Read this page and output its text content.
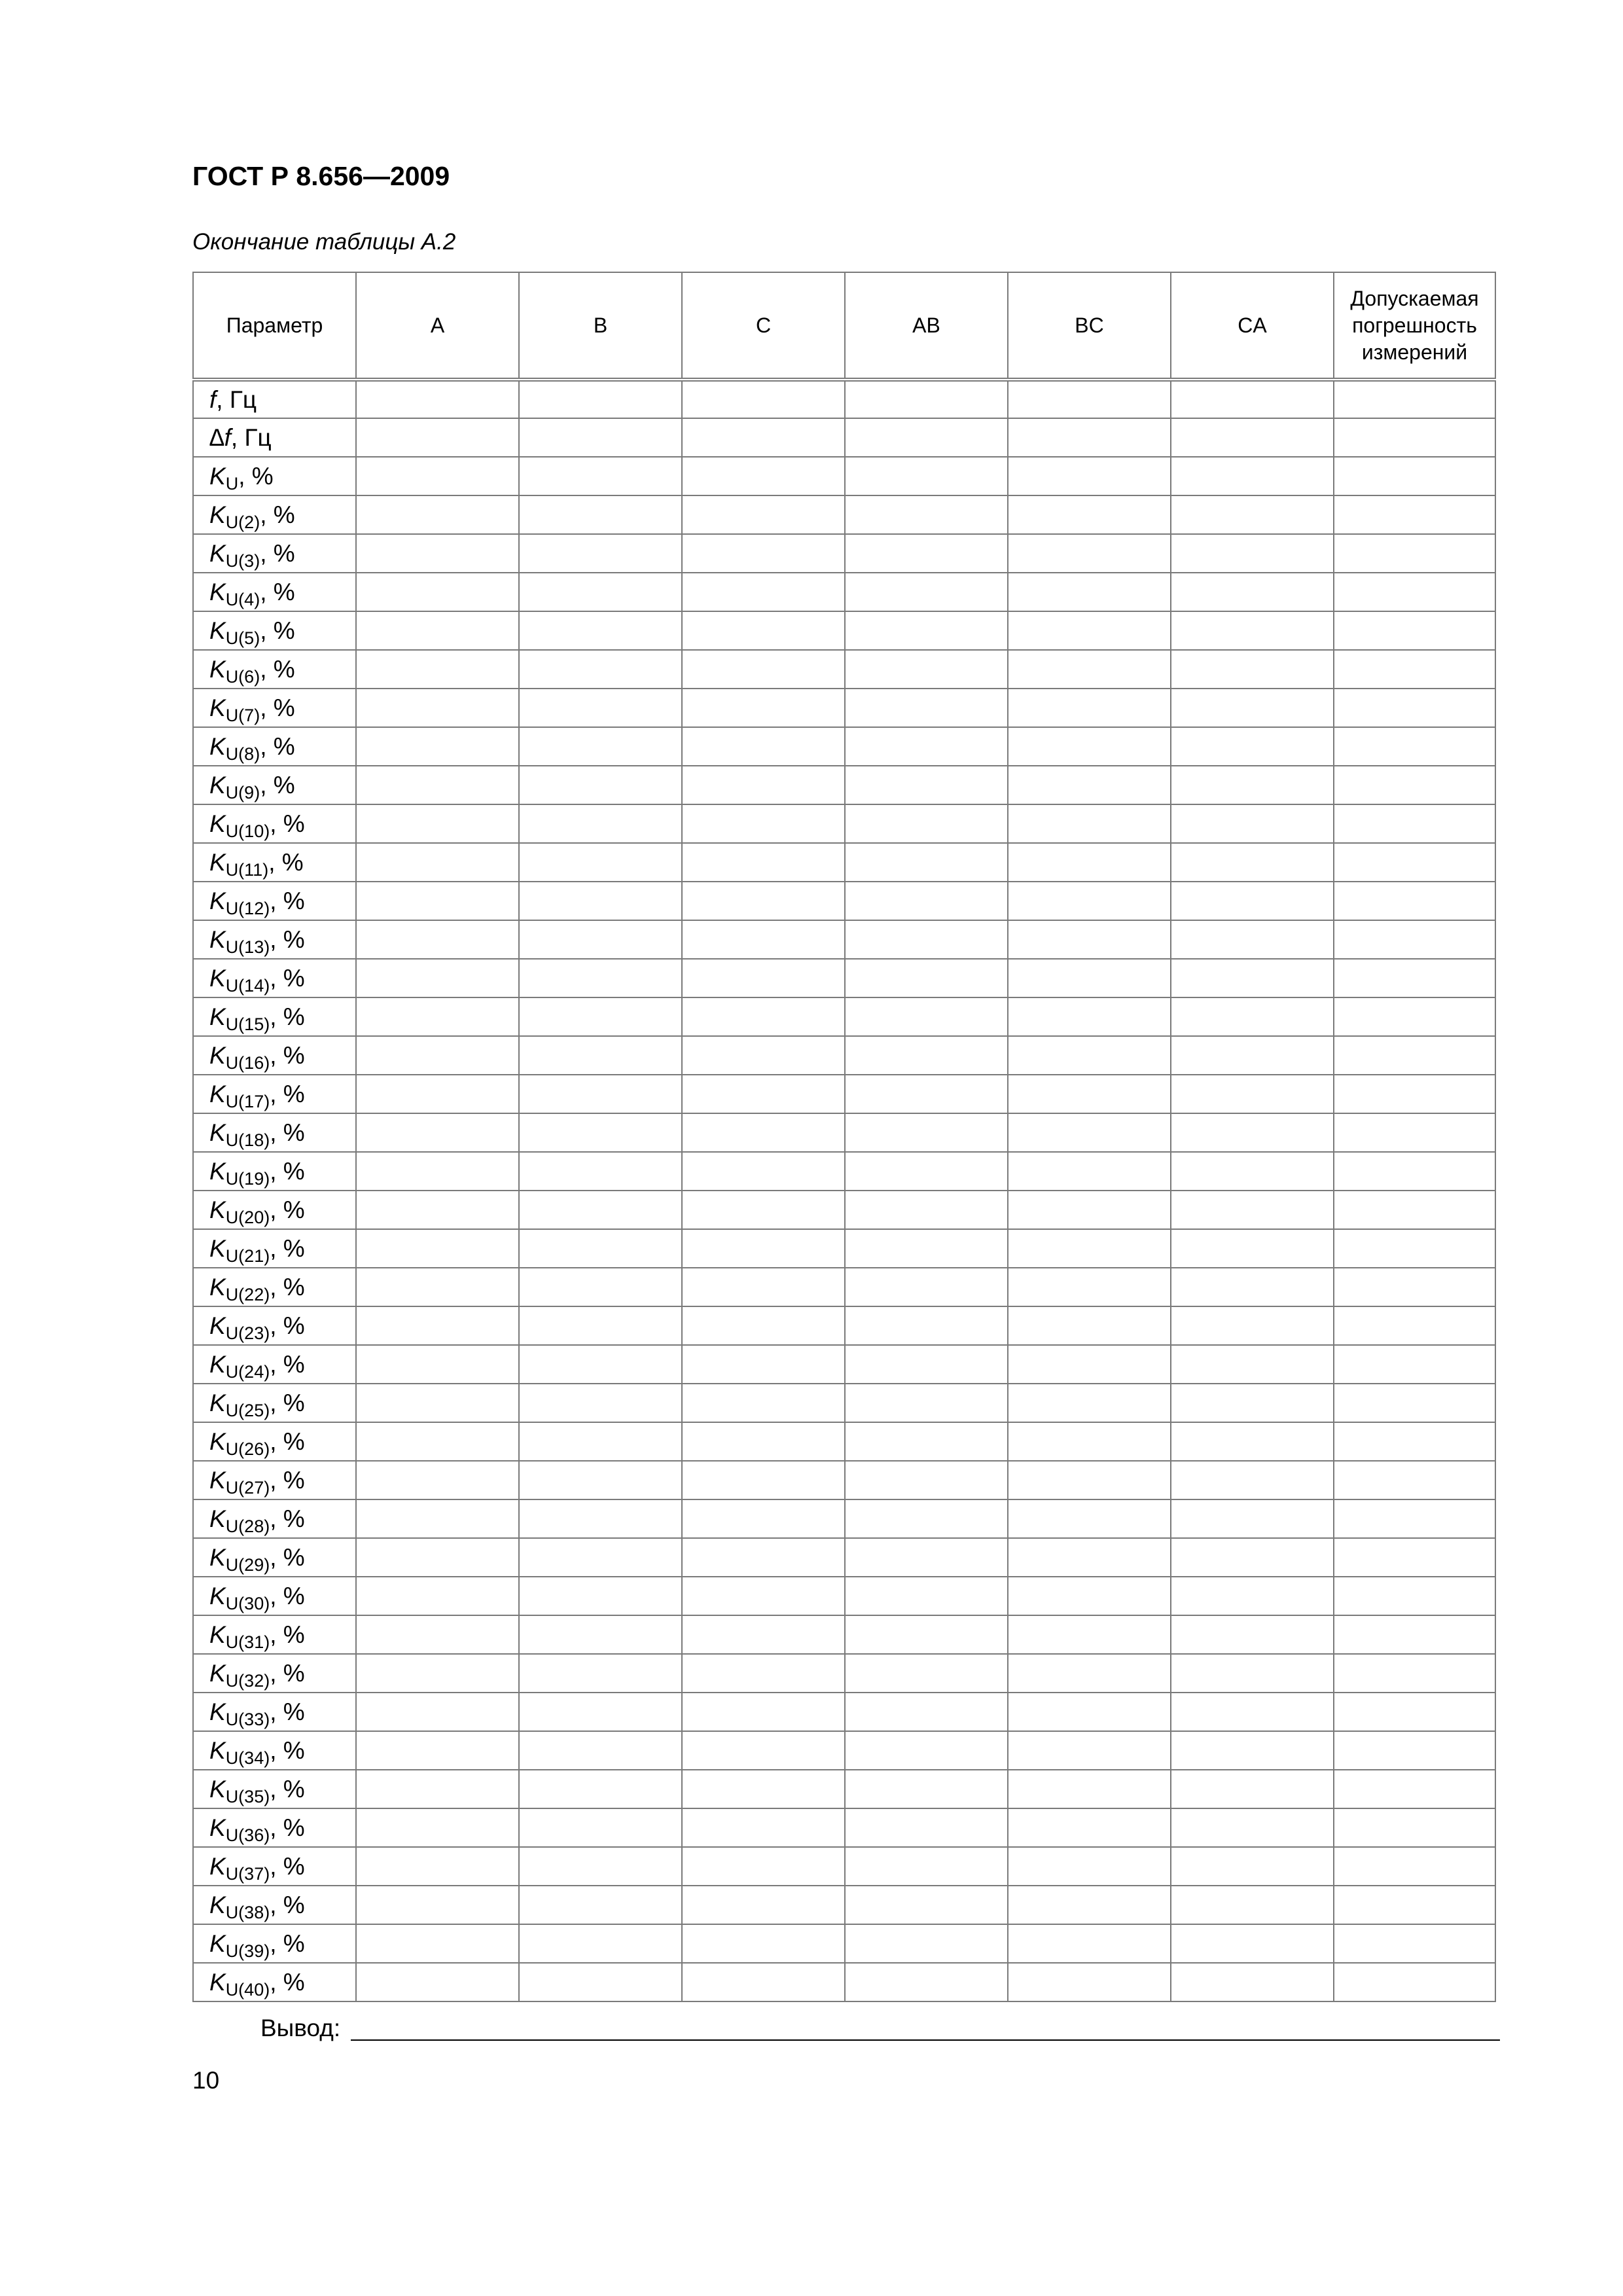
ГОСТ Р 8.656—2009
Окончание таблицы А.2
Параметр	A	B	C	AB	BC	CA	Допускаемая погрешность измерений
f, Гц							
∆f, Гц							
$K_U$, %							
$K_{U(2)}$, %							
$K_{U(3)}$, %							
$K_{U(4)}$, %							
$K_{U(5)}$, %							
$K_{U(6)}$, %							
$K_{U(7)}$, %							
$K_{U(8)}$, %							
$K_{U(9)}$, %							
$K_{U(10)}$, %							
$K_{U(11)}$, %							
$K_{U(12)}$, %							
$K_{U(13)}$, %							
$K_{U(14)}$, %							
$K_{U(15)}$, %							
$K_{U(16)}$, %							
$K_{U(17)}$, %							
$K_{U(18)}$, %							
$K_{U(19)}$, %							
$K_{U(20)}$, %							
$K_{U(21)}$, %							
$K_{U(22)}$, %							
$K_{U(23)}$, %							
$K_{U(24)}$, %							
$K_{U(25)}$, %							
$K_{U(26)}$, %							
$K_{U(27)}$, %							
$K_{U(28)}$, %							
$K_{U(29)}$, %							
$K_{U(30)}$, %							
$K_{U(31)}$, %							
$K_{U(32)}$, %							
$K_{U(33)}$, %							
$K_{U(34)}$, %							
$K_{U(35)}$, %							
$K_{U(36)}$, %							
$K_{U(37)}$, %							
$K_{U(38)}$, %							
$K_{U(39)}$, %							
$K_{U(40)}$, %							
Вывод:
10
